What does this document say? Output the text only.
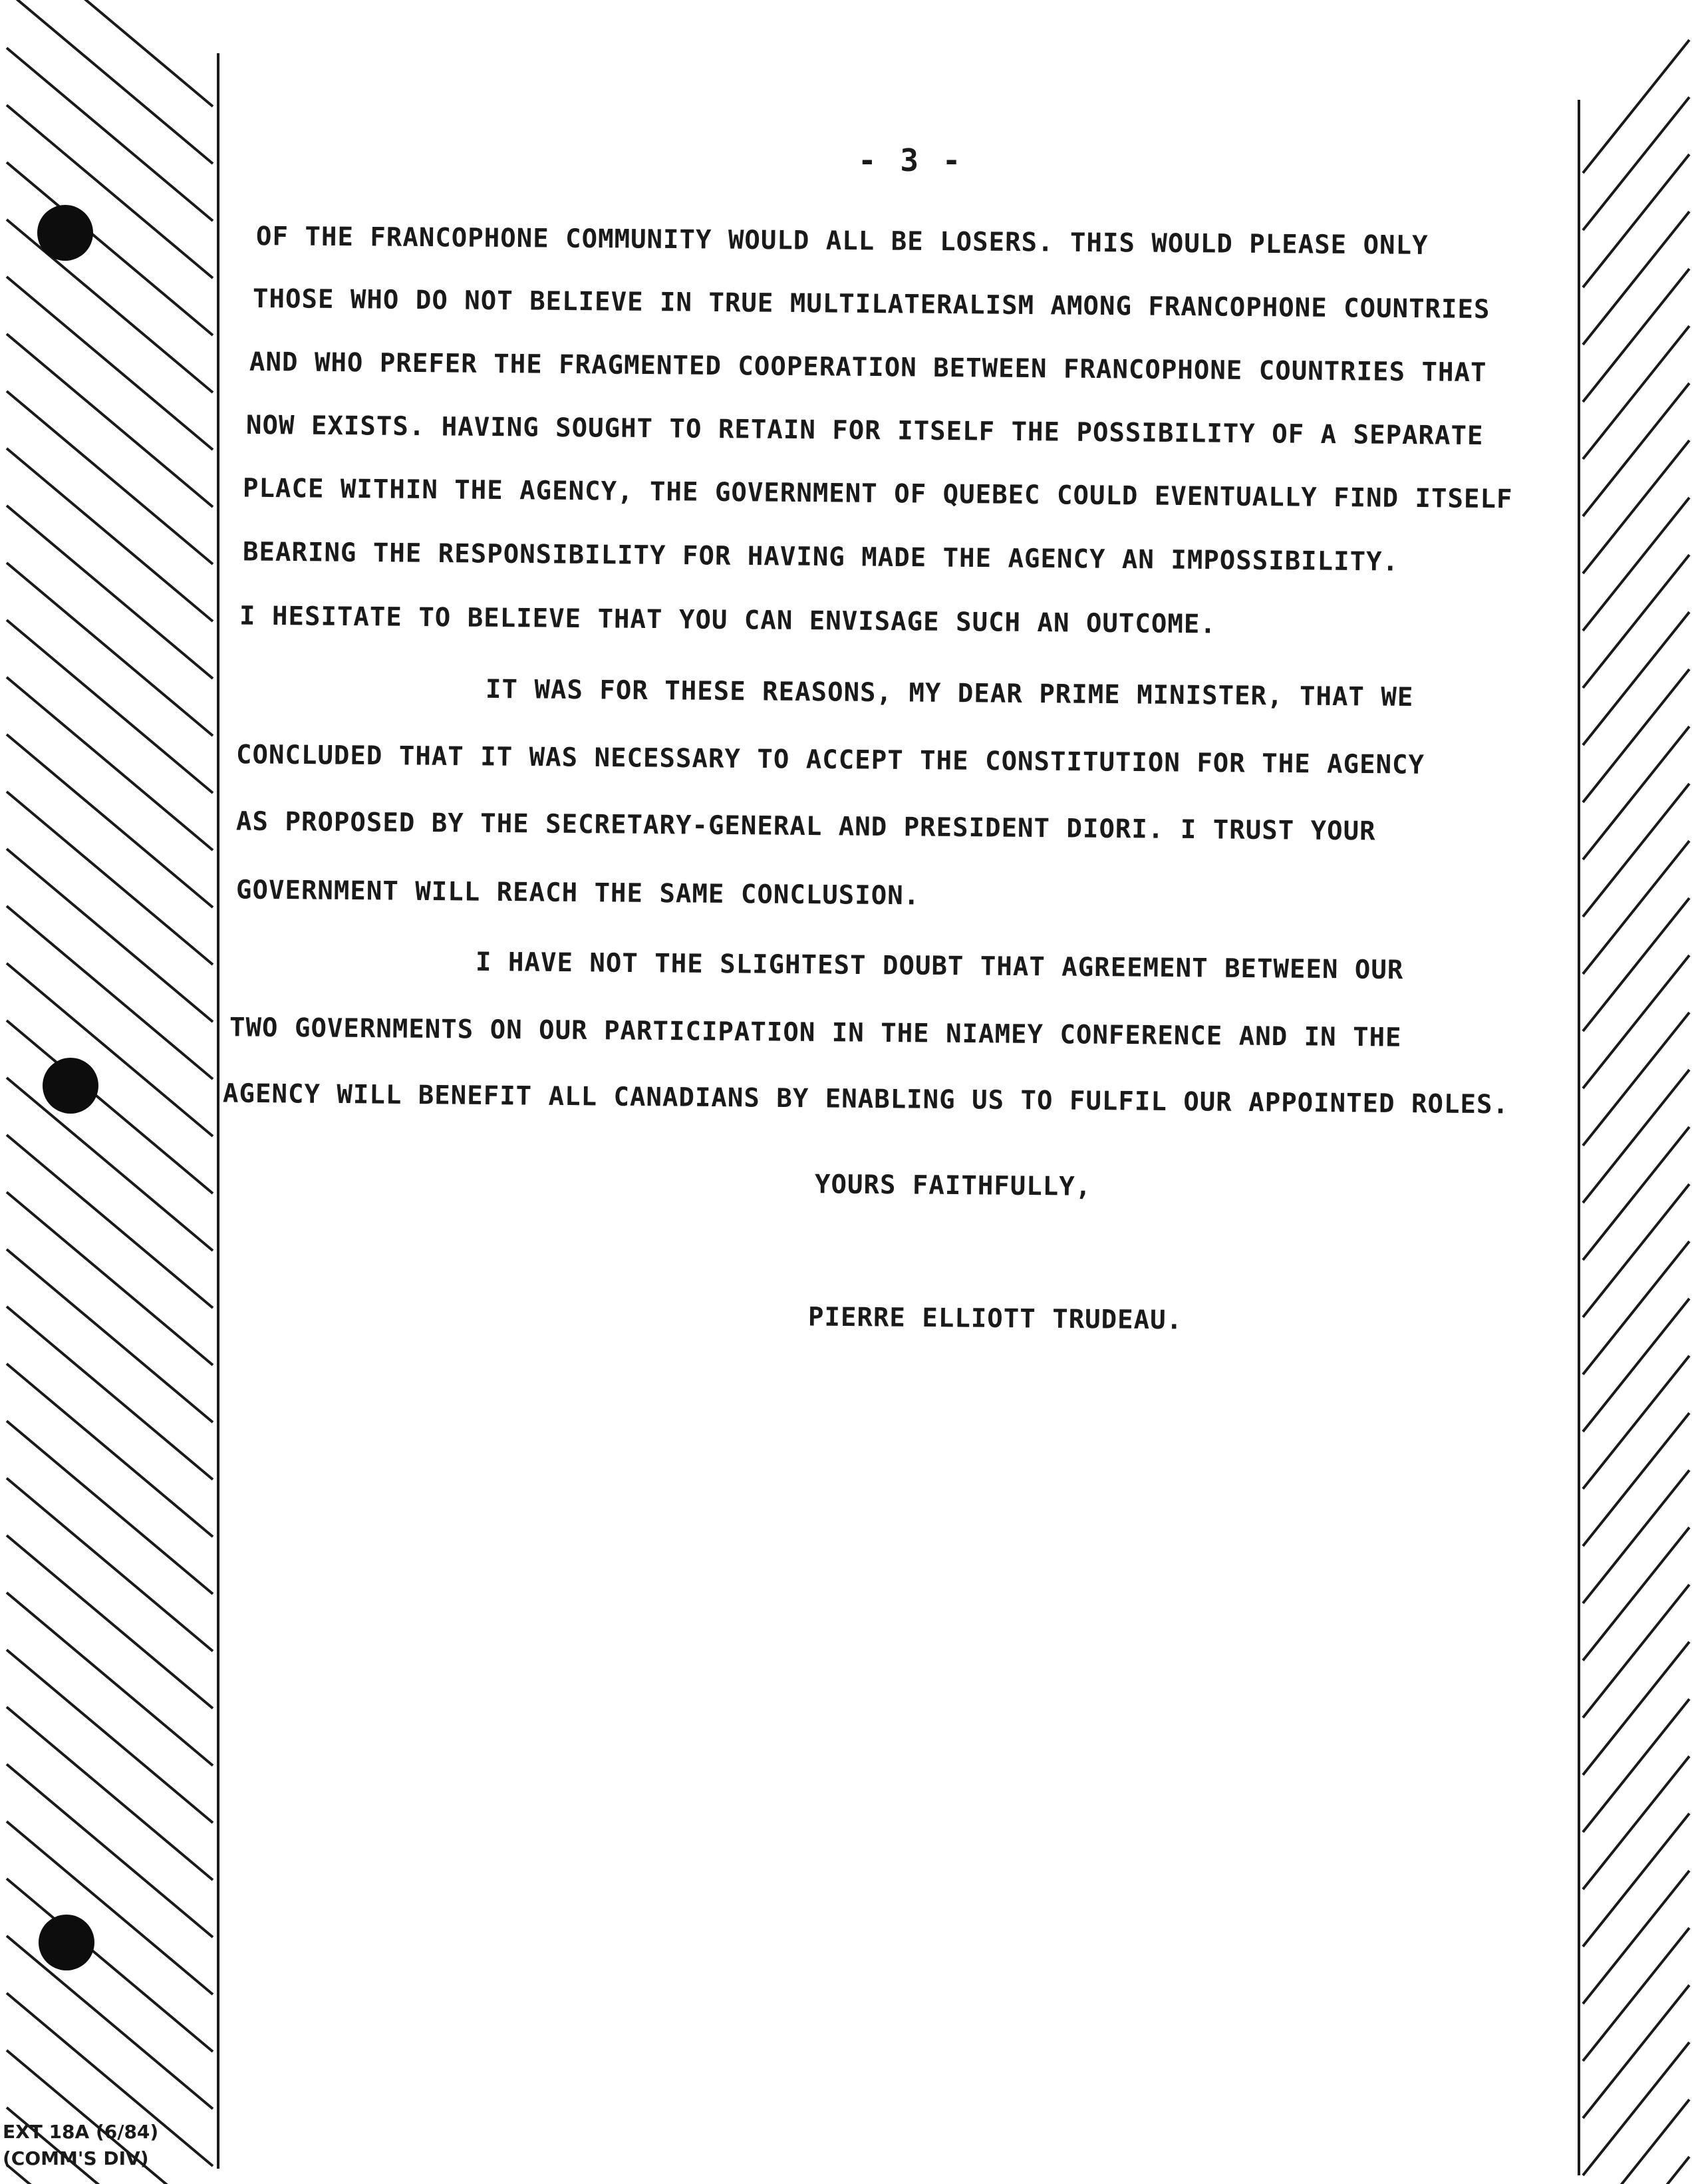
- 3 -
OF THE FRANCOPHONE COMMUNITY WOULD ALL BE LOSERS. THIS WOULD PLEASE ONLY
THOSE WHO DO NOT BELIEVE IN TRUE MULTILATERALISM AMONG FRANCOPHONE COUNTRIES
AND WHO PREFER THE FRAGMENTED COOPERATION BETWEEN FRANCOPHONE COUNTRIES THAT
NOW EXISTS. HAVING SOUGHT TO RETAIN FOR ITSELF THE POSSIBILITY OF A SEPARATE
PLACE WITHIN THE AGENCY, THE GOVERNMENT OF QUEBEC COULD EVENTUALLY FIND ITSELF
BEARING THE RESPONSIBILITY FOR HAVING MADE THE AGENCY AN IMPOSSIBILITY.
I HESITATE TO BELIEVE THAT YOU CAN ENVISAGE SUCH AN OUTCOME.
IT WAS FOR THESE REASONS, MY DEAR PRIME MINISTER, THAT WE
CONCLUDED THAT IT WAS NECESSARY TO ACCEPT THE CONSTITUTION FOR THE AGENCY
AS PROPOSED BY THE SECRETARY-GENERAL AND PRESIDENT DIORI. I TRUST YOUR
GOVERNMENT WILL REACH THE SAME CONCLUSION.
I HAVE NOT THE SLIGHTEST DOUBT THAT AGREEMENT BETWEEN OUR
TWO GOVERNMENTS ON OUR PARTICIPATION IN THE NIAMEY CONFERENCE AND IN THE
AGENCY WILL BENEFIT ALL CANADIANS BY ENABLING US TO FULFIL OUR APPOINTED ROLES.
YOURS FAITHFULLY,
PIERRE ELLIOTT TRUDEAU.
EXT 18A (6/84)
(COMM'S DIV)
